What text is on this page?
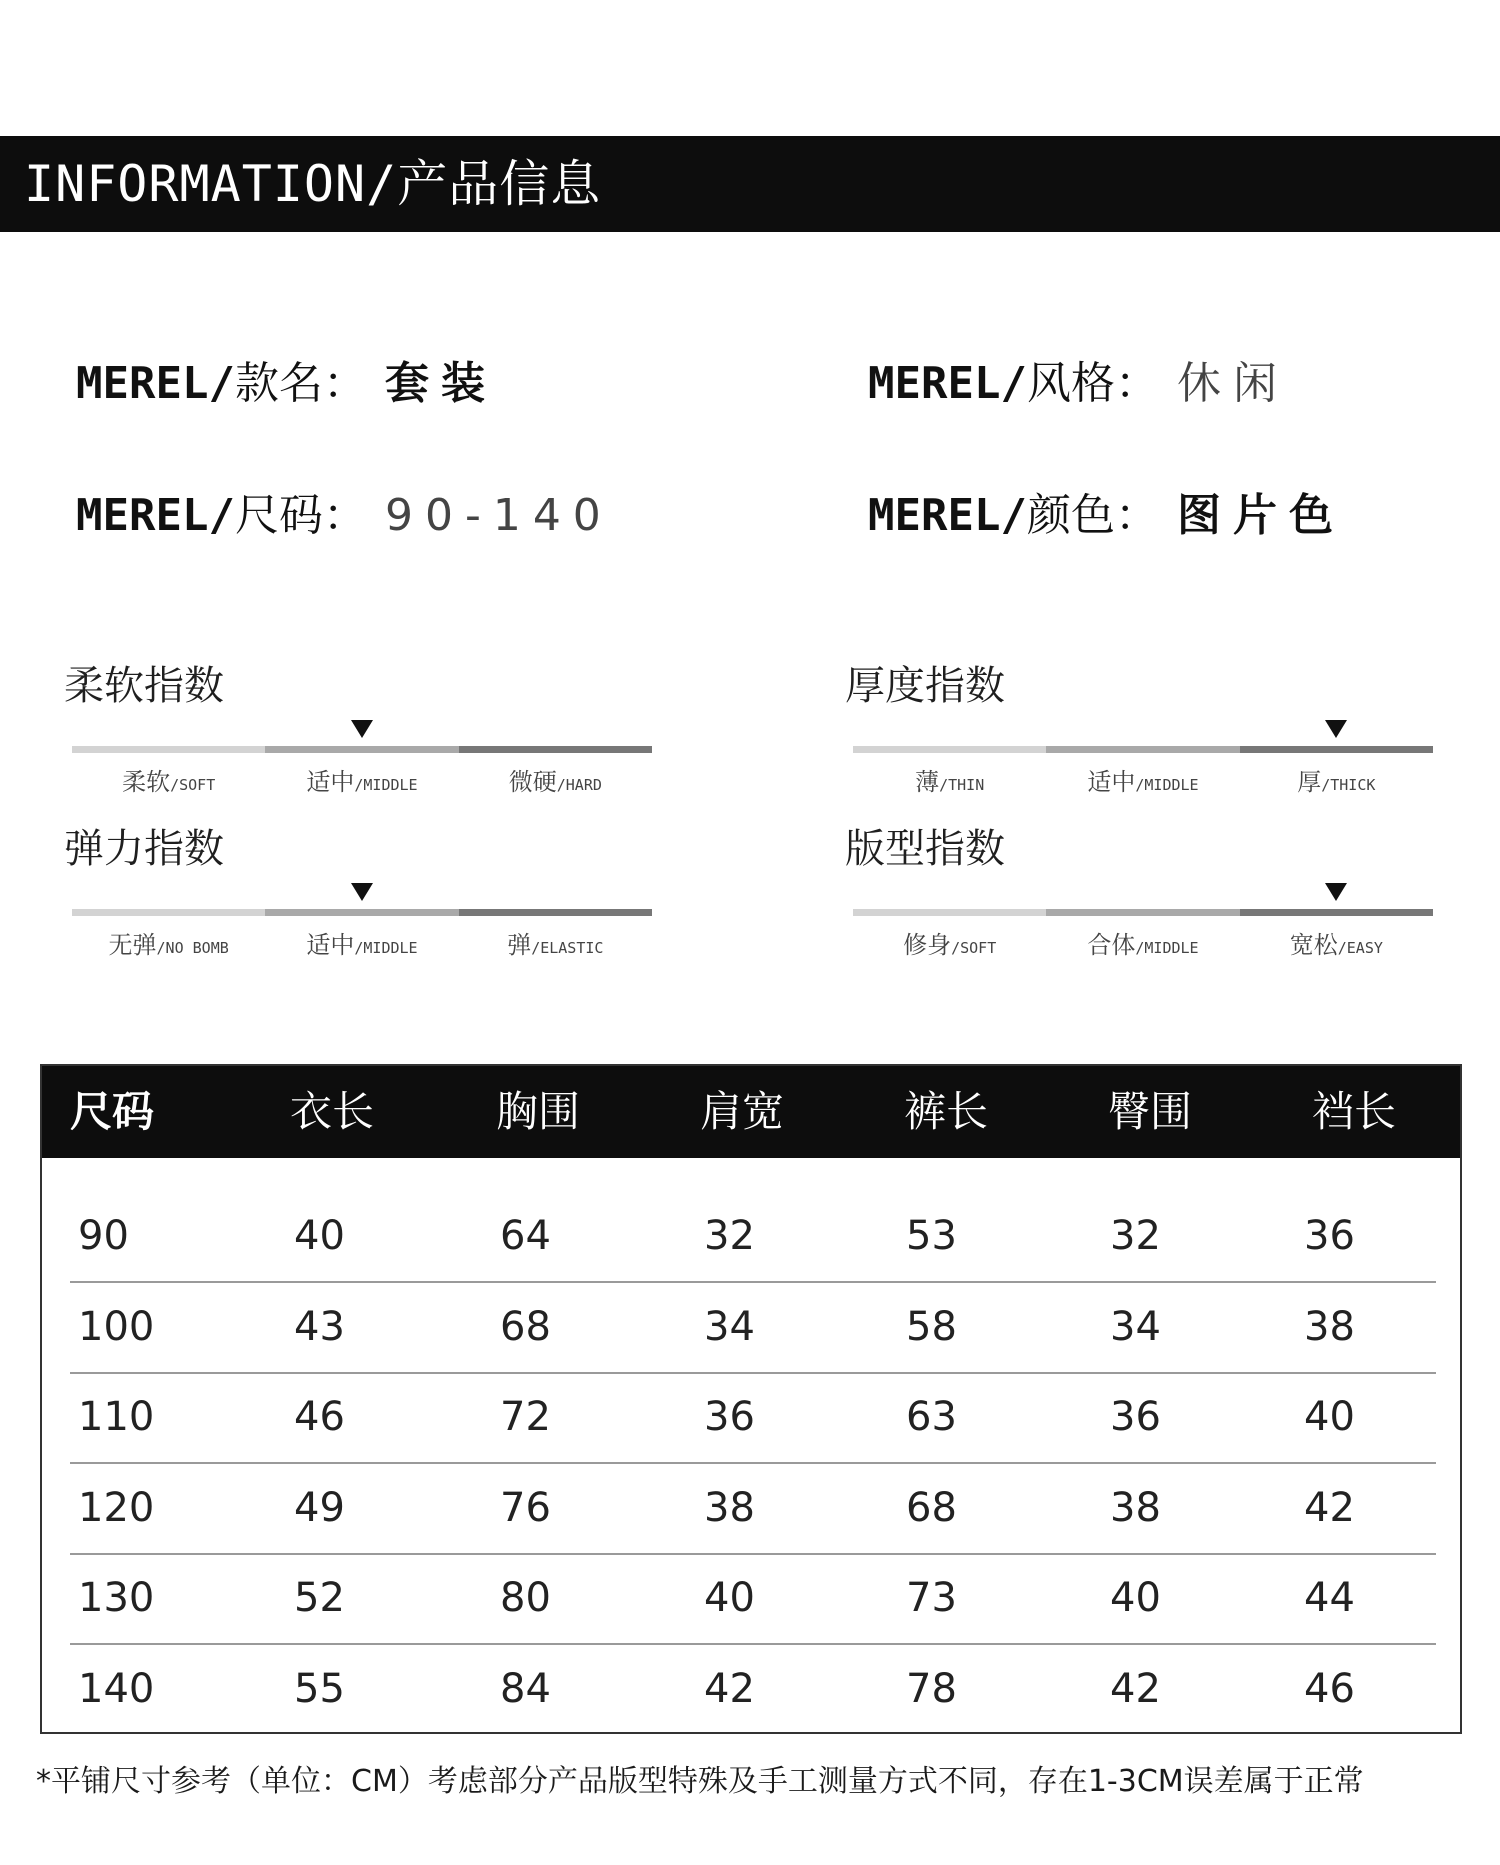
INFORMATION/产品信息
MEREL/款名： 套装	MEREL/风格： 休闲
MEREL/尺码： 90-140	MEREL/颜色： 图片色
柔软指数
柔软/SOFT	适中/MIDDLE	微硬/HARD
厚度指数
薄/THIN	适中/MIDDLE	厚/THICK
弹力指数
无弹/NO BOMB	适中/MIDDLE	弹/ELASTIC
版型指数
修身/SOFT	合体/MIDDLE	宽松/EASY
尺码	衣长	胸围	肩宽	裤长	臀围	裆长
90	40	64	32	53	32	36
100	43	68	34	58	34	38
110	46	72	36	63	36	40
120	49	76	38	68	38	42
130	52	80	40	73	40	44
140	55	84	42	78	42	46
*平铺尺寸参考（单位：CM）考虑部分产品版型特殊及手工测量方式不同，存在1-3CM误差属于正常
